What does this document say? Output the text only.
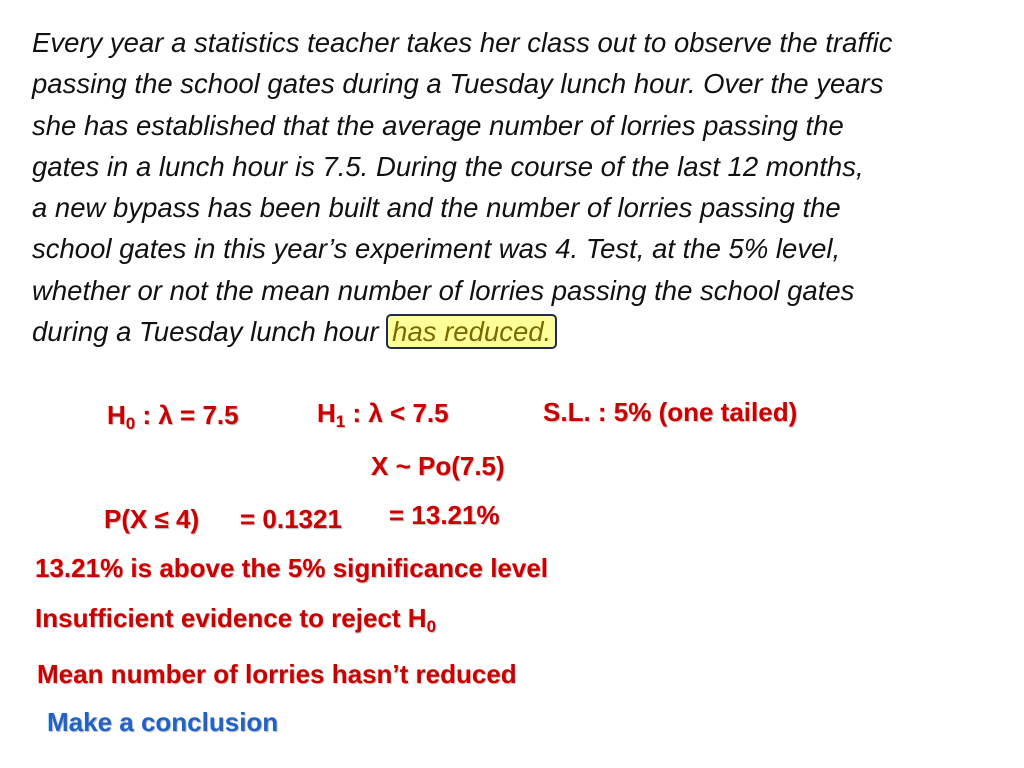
Every year a statistics teacher takes her class out to observe the traffic
passing the school gates during a Tuesday lunch hour. Over the years
she has established that the average number of lorries passing the
gates in a lunch hour is 7.5. During the course of the last 12 months,
a new bypass has been built and the number of lorries passing the
school gates in this year’s experiment was 4. Test, at the 5% level,
whether or not the mean number of lorries passing the school gates
during a Tuesday lunch hour has reduced.
$H_0$ : λ = 7.5	$H_1$ : λ < 7.5	S.L. : 5% (one tailed)
X ~ Po(7.5)
P(X ≤ 4) = 0.1321 = 13.21%
13.21% is above the 5% significance level
Insufficient evidence to reject $H_0$
Mean number of lorries hasn’t reduced
Make a conclusion
